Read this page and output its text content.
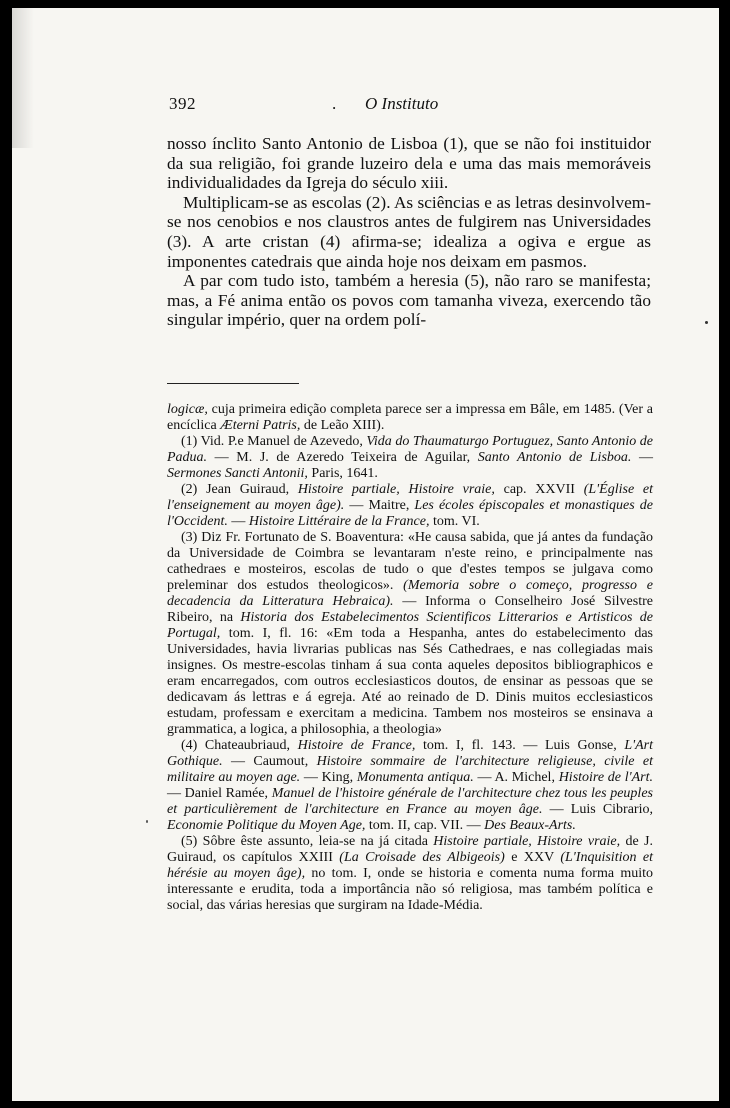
392	. O Instituto

nosso ínclito Santo Antonio de Lisboa (1), que se não foi instituidor da sua religião, foi grande luzeiro dela e uma das mais memoráveis individualidades da Igreja do século xiii.

Multiplicam-se as escolas (2). As sciências e as letras desinvolvem-se nos cenobios e nos claustros antes de fulgirem nas Universidades (3). A arte cristan (4) afirma-se; idealiza a ogiva e ergue as imponentes catedrais que ainda hoje nos deixam em pasmos.

A par com tudo isto, também a heresia (5), não raro se manifesta; mas, a Fé anima então os povos com tamanha viveza, exercendo tão singular império, quer na ordem polí-

logicæ, cuja primeira edição completa parece ser a impressa em Bâle, em 1485. (Ver a encíclica Æterni Patris, de Leão XIII).

(1) Vid. P.e Manuel de Azevedo, Vida do Thaumaturgo Portuguez, Santo Antonio de Padua. — M. J. de Azeredo Teixeira de Aguilar, Santo Antonio de Lisboa. — Sermones Sancti Antonii, Paris, 1641.

(2) Jean Guiraud, Histoire partiale, Histoire vraie, cap. XXVII (L'Église et l'enseignement au moyen âge). — Maitre, Les écoles épiscopales et monastiques de l'Occident. — Histoire Littéraire de la France, tom. VI.

(3) Diz Fr. Fortunato de S. Boaventura: «He causa sabida, que já antes da fundação da Universidade de Coimbra se levantaram n'este reino, e principalmente nas cathedraes e mosteiros, escolas de tudo o que d'estes tempos se julgava como preleminar dos estudos theologicos». (Memoria sobre o começo, progresso e decadencia da Litteratura Hebraica). — Informa o Conselheiro José Silvestre Ribeiro, na Historia dos Estabelecimentos Scientificos Litterarios e Artisticos de Portugal, tom. I, fl. 16: «Em toda a Hespanha, antes do estabelecimento das Universidades, havia livrarias publicas nas Sés Cathedraes, e nas collegiadas mais insignes. Os mestre-escolas tinham á sua conta aqueles depositos bibliographicos e eram encarregados, com outros ecclesiasticos doutos, de ensinar as pessoas que se dedicavam ás lettras e á egreja. Até ao reinado de D. Dinis muitos ecclesiasticos estudam, professam e exercitam a medicina. Tambem nos mosteiros se ensinava a grammatica, a logica, a philosophia, a theologia»

(4) Chateaubriaud, Histoire de France, tom. I, fl. 143. — Luis Gonse, L'Art Gothique. — Caumout, Histoire sommaire de l'architecture religieuse, civile et militaire au moyen age. — King, Monumenta antiqua. — A. Michel, Histoire de l'Art. — Daniel Ramée, Manuel de l'histoire générale de l'architecture chez tous les peuples et particulièrement de l'architecture en France au moyen âge. — Luis Cibrario, Economie Politique du Moyen Age, tom. II, cap. VII. — Des Beaux-Arts.

(5) Sôbre êste assunto, leia-se na já citada Histoire partiale, Histoire vraie, de J. Guiraud, os capítulos XXIII (La Croisade des Albigeois) e XXV (L'Inquisition et hérésie au moyen âge), no tom. I, onde se historia e comenta numa forma muito interessante e erudita, toda a importância não só religiosa, mas também política e social, das várias heresias que surgiram na Idade-Média.
